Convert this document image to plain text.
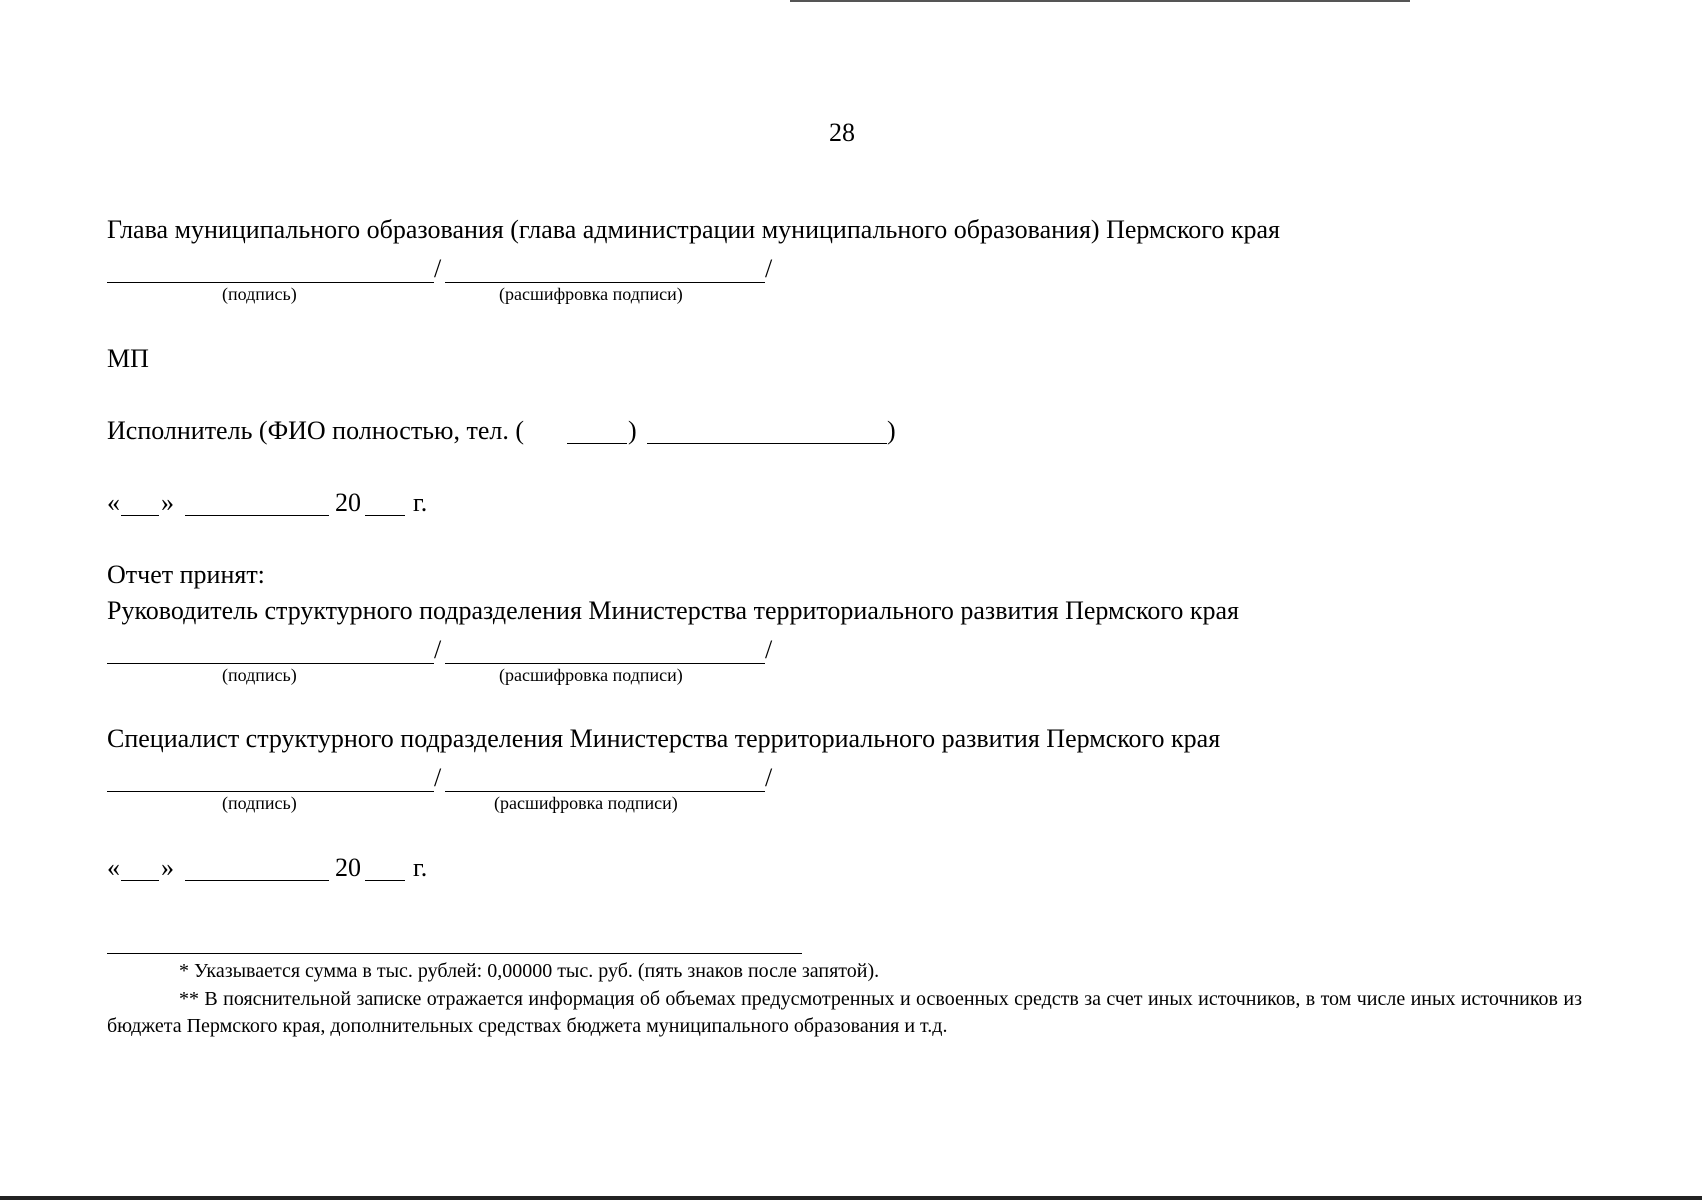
28
Глава муниципального образования (глава администрации муниципального образования) Пермского края
/	/
(подпись)	(расшифровка подписи)
МП
Исполнитель (ФИО полностью, тел. (	)	)
« »	20 г.
Отчет принят:
Руководитель структурного подразделения Министерства территориального развития Пермского края
/	/
(подпись)	(расшифровка подписи)
Специалист структурного подразделения Министерства территориального развития Пермского края
/	/
(подпись)	(расшифровка подписи)
« »	20 г.
* Указывается сумма в тыс. рублей: 0,00000 тыс. руб. (пять знаков после запятой).
** В пояснительной записке отражается информация об объемах предусмотренных и освоенных средств за счет иных источников, в том числе иных источников из бюджета Пермского края, дополнительных средствах бюджета муниципального образования и т.д.
